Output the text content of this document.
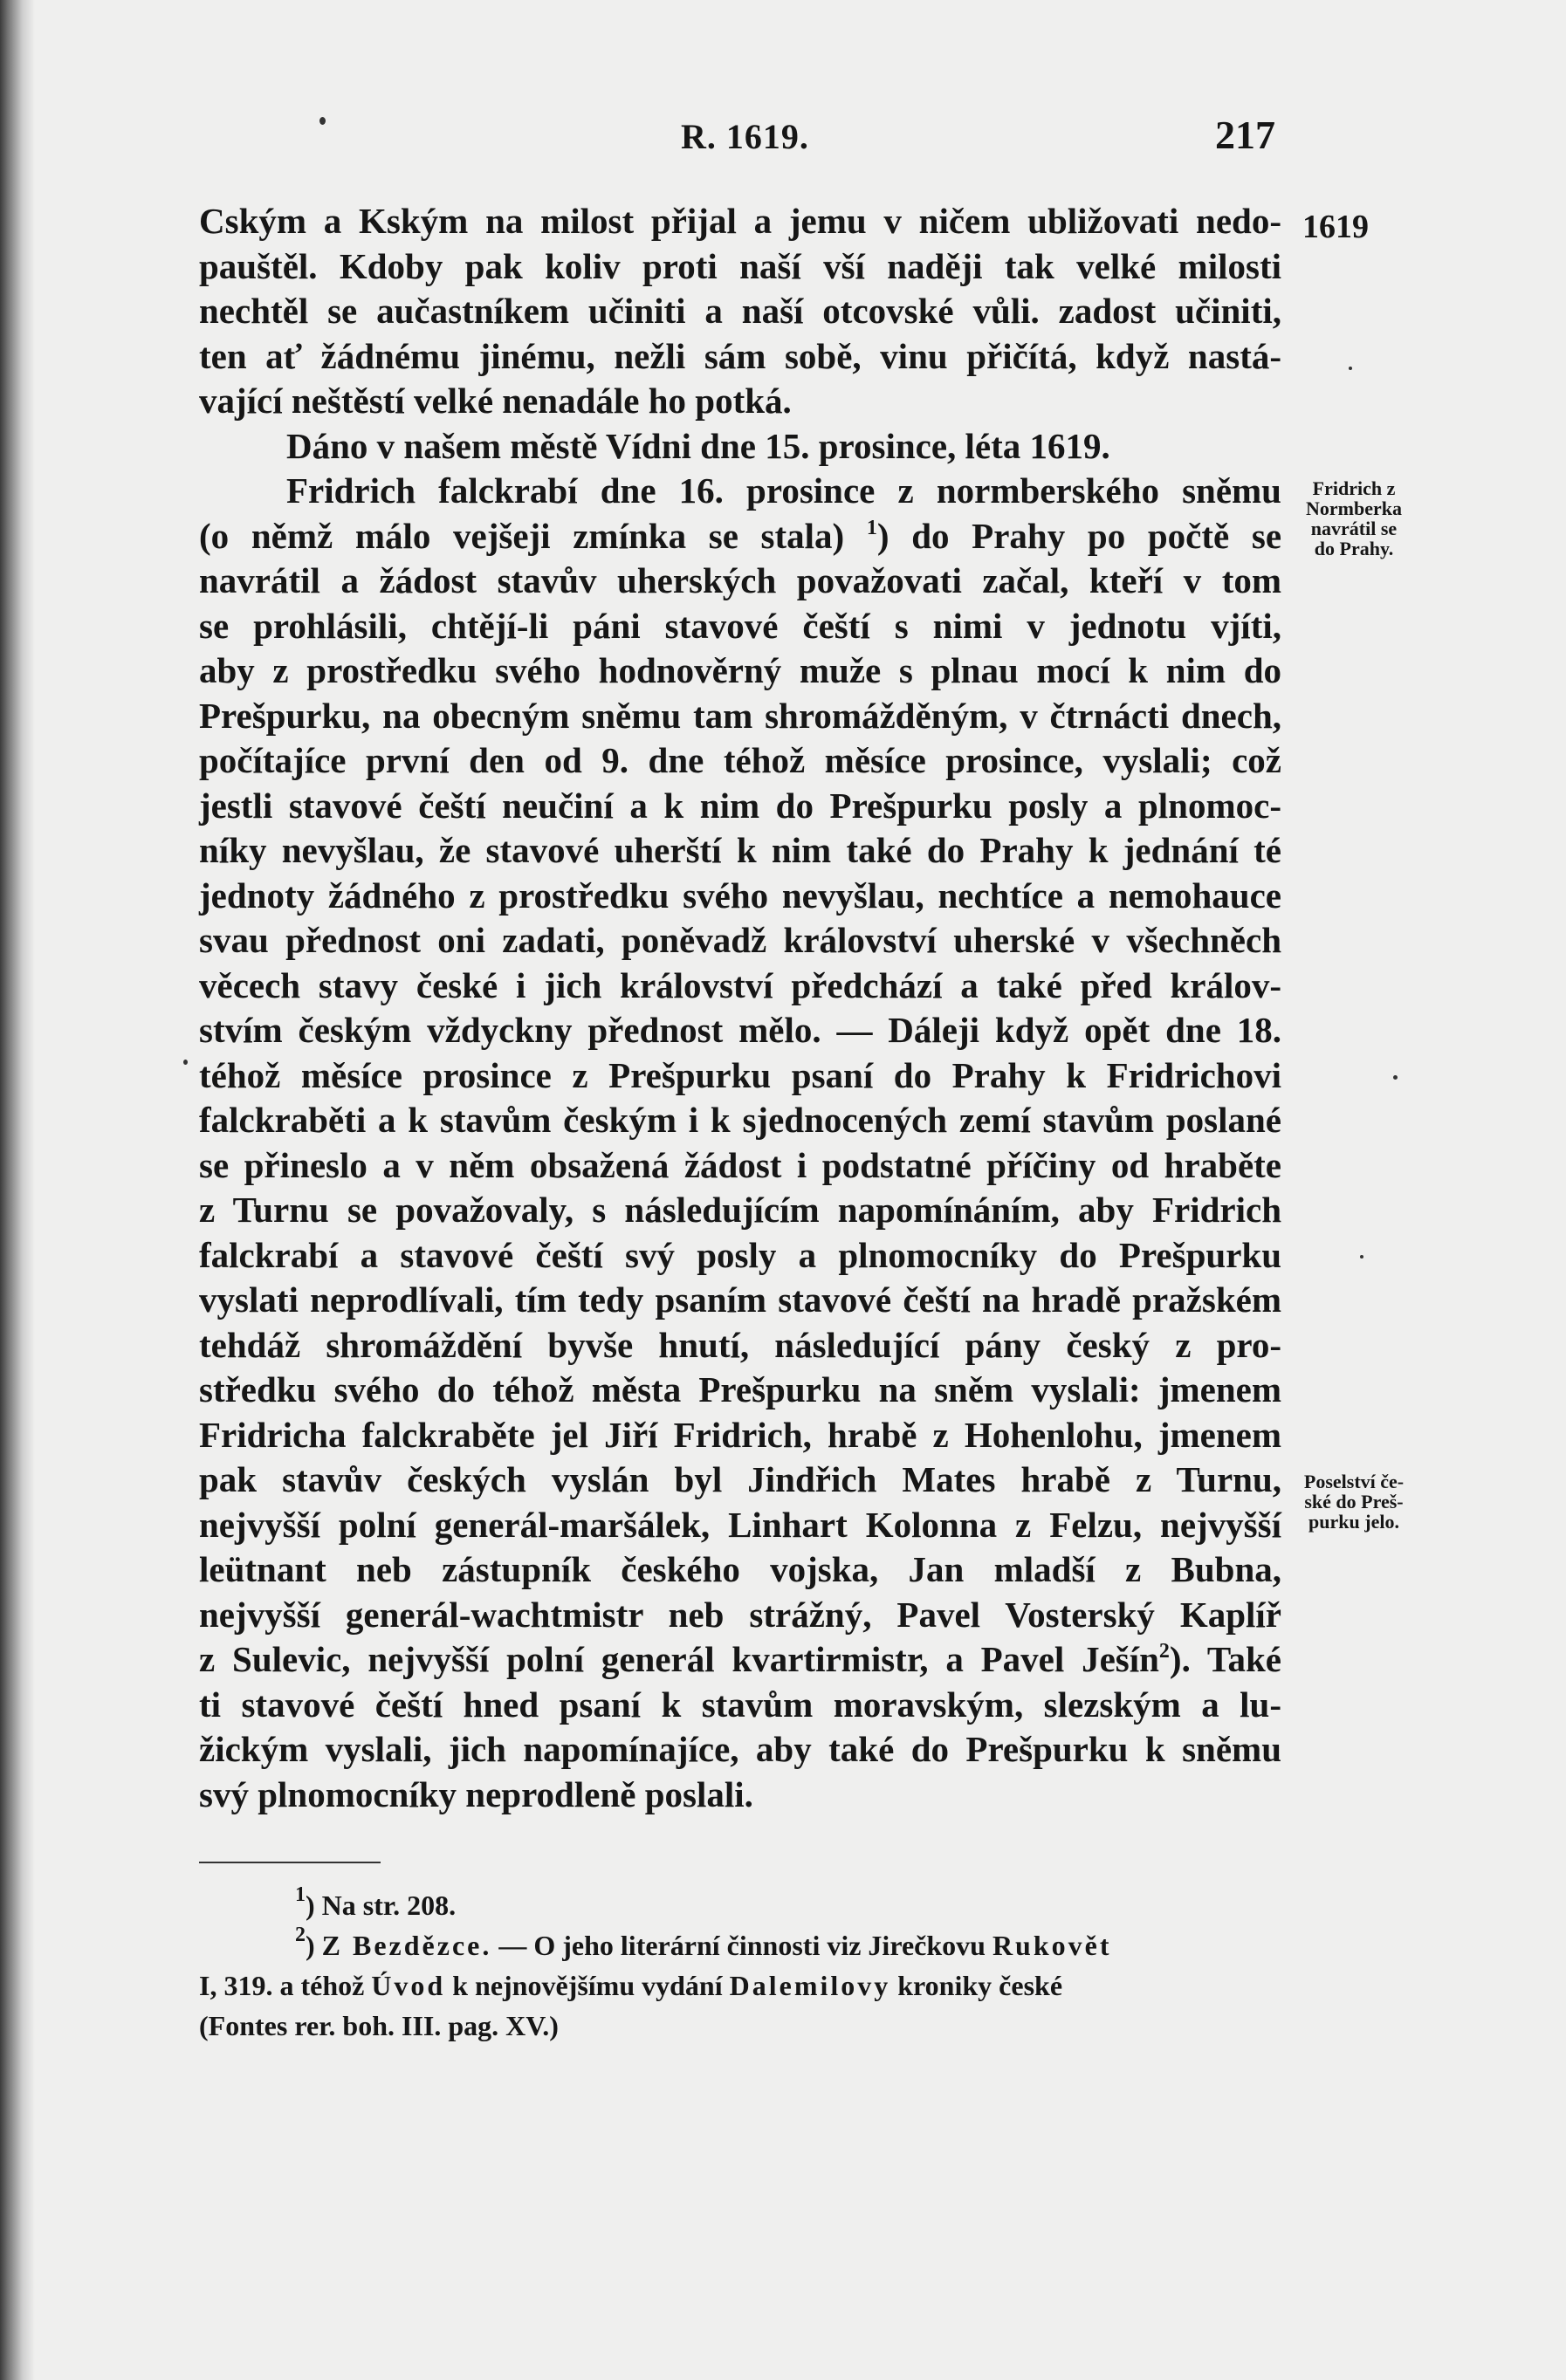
R. 1619.	217
1619
Fridrich z
Normberka
navrátil se
do Prahy.
Poselství če-
ské do Preš-
purku jelo.
Cským a Kským na milost přijal a jemu v ničem ubližovati nedo-
pauštěl. Kdoby pak koliv proti naší vší naději tak velké milosti
nechtěl se aučastníkem učiniti a naší otcovské vůli. zadost učiniti,
ten ať žádnému jinému, nežli sám sobě, vinu přičítá, když nastá-
vající neštěstí velké nenadále ho potká.
Dáno v našem městě Vídni dne 15. prosince, léta 1619.
Fridrich falckrabí dne 16. prosince z normberského sněmu
(o němž málo vejšeji zmínka se stala) $^1$) do Prahy po počtě se
navrátil a žádost stavův uherských považovati začal, kteří v tom
se prohlásili, chtějí-li páni stavové čeští s nimi v jednotu vjíti,
aby z prostředku svého hodnověrný muže s plnau mocí k nim do
Prešpurku, na obecným sněmu tam shromážděným, v čtrnácti dnech,
počítajíce první den od 9. dne téhož měsíce prosince, vyslali; což
jestli stavové čeští neučiní a k nim do Prešpurku posly a plnomoc-
níky nevyšlau, že stavové uherští k nim také do Prahy k jednání té
jednoty žádného z prostředku svého nevyšlau, nechtíce a nemohauce
svau přednost oni zadati, poněvadž království uherské v všechněch
věcech stavy české i jich království předchází a také před králov-
stvím českým vždyckny přednost mělo. — Dáleji když opět dne 18.
téhož měsíce prosince z Prešpurku psaní do Prahy k Fridrichovi
falckraběti a k stavům českým i k sjednocených zemí stavům poslané
se přineslo a v něm obsažená žádost i podstatné příčiny od hraběte
z Turnu se považovaly, s následujícím napomínáním, aby Fridrich
falckrabí a stavové čeští svý posly a plnomocníky do Prešpurku
vyslati neprodlívali, tím tedy psaním stavové čeští na hradě pražském
tehdáž shromáždění byvše hnutí, následující pány český z pro-
středku svého do téhož města Prešpurku na sněm vyslali: jmenem
Fridricha falckraběte jel Jiří Fridrich, hrabě z Hohenlohu, jmenem
pak stavův českých vyslán byl Jindřich Mates hrabě z Turnu,
nejvyšší polní generál-maršálek, Linhart Kolonna z Felzu, nejvyšší
leütnant neb zástupník českého vojska, Jan mladší z Bubna,
nejvyšší generál-wachtmistr neb strážný, Pavel Vosterský Kaplíř
z Sulevic, nejvyšší polní generál kvartirmistr, a Pavel Ješín$^2$). Také
ti stavové čeští hned psaní k stavům moravským, slezským a lu-
žickým vyslali, jich napomínajíce, aby také do Prešpurku k sněmu
svý plnomocníky neprodleně poslali.
$^1$) Na str. 208.
$^2$) Z Bezdězce. — O jeho literární činnosti viz Jirečkovu Rukovět
I, 319. a téhož Úvod k nejnovějšímu vydání Dalemilovy kroniky české
(Fontes rer. boh. III. pag. XV.)
